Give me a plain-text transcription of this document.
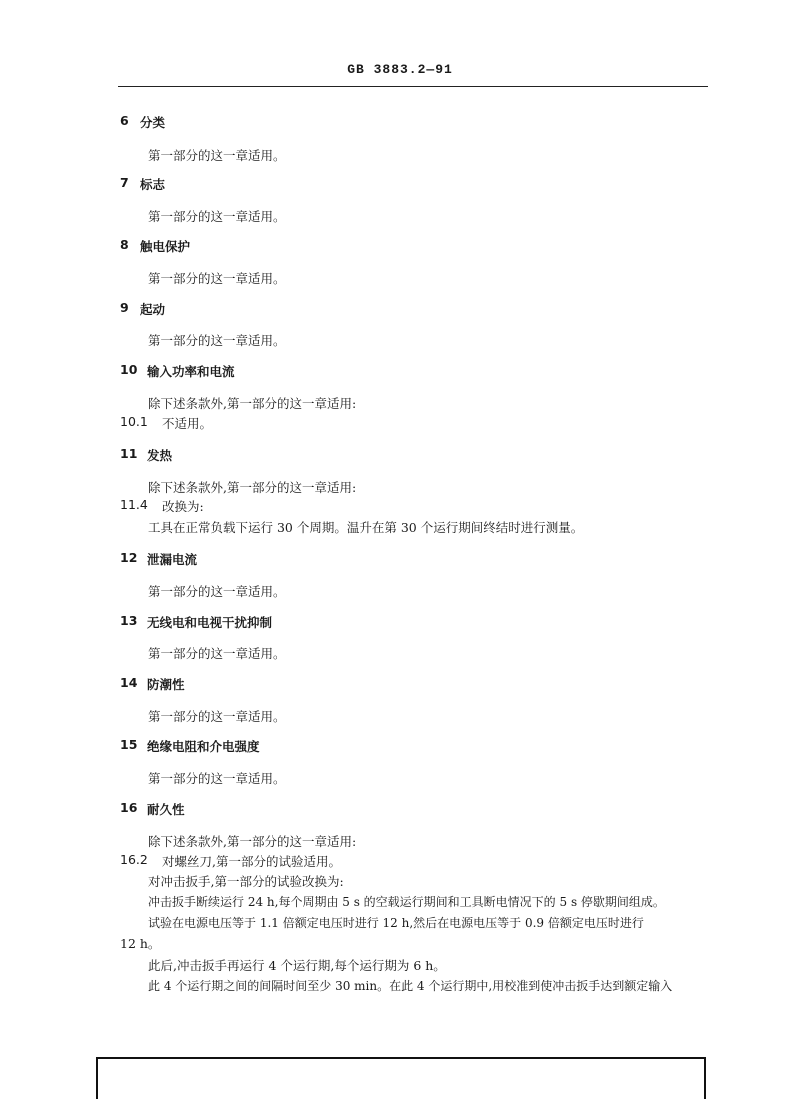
GB 3883.2—91
6 分类
第一部分的这一章适用。
7 标志
第一部分的这一章适用。
8 触电保护
第一部分的这一章适用。
9 起动
第一部分的这一章适用。
10 输入功率和电流
除下述条款外,第一部分的这一章适用:
10.1 不适用。
11 发热
除下述条款外,第一部分的这一章适用:
11.4 改换为:
工具在正常负载下运行 30 个周期。温升在第 30 个运行期间终结时进行测量。
12 泄漏电流
第一部分的这一章适用。
13 无线电和电视干扰抑制
第一部分的这一章适用。
14 防潮性
第一部分的这一章适用。
15 绝缘电阻和介电强度
第一部分的这一章适用。
16 耐久性
除下述条款外,第一部分的这一章适用:
16.2 对螺丝刀,第一部分的试验适用。
对冲击扳手,第一部分的试验改换为:
冲击扳手断续运行 24 h,每个周期由 5 s 的空载运行期间和工具断电情况下的 5 s 停歇期间组成。
试验在电源电压等于 1.1 倍额定电压时进行 12 h,然后在电源电压等于 0.9 倍额定电压时进行
12 h。
此后,冲击扳手再运行 4 个运行期,每个运行期为 6 h。
此 4 个运行期之间的间隔时间至少 30 min。在此 4 个运行期中,用校准到使冲击扳手达到额定输入
